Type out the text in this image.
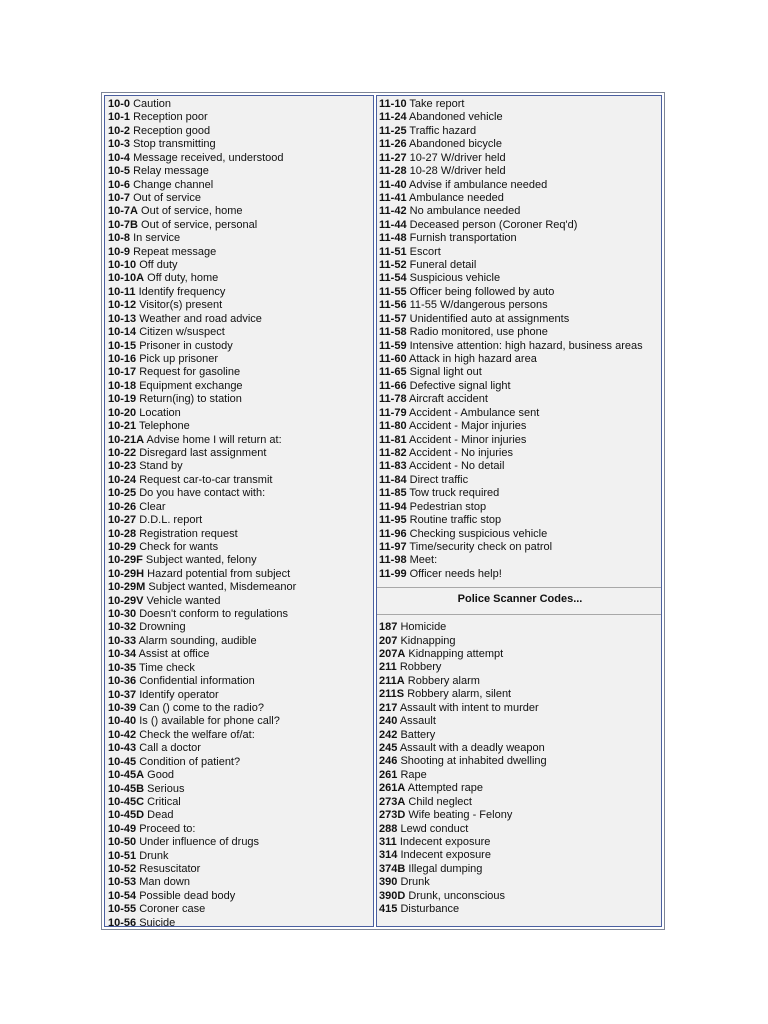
10-0 Caution
10-1 Reception poor
10-2 Reception good
10-3 Stop transmitting
10-4 Message received, understood
10-5 Relay message
10-6 Change channel
10-7 Out of service
10-7A Out of service, home
10-7B Out of service, personal
10-8 In service
10-9 Repeat message
10-10 Off duty
10-10A Off duty, home
10-11 Identify frequency
10-12 Visitor(s) present
10-13 Weather and road advice
10-14 Citizen w/suspect
10-15 Prisoner in custody
10-16 Pick up prisoner
10-17 Request for gasoline
10-18 Equipment exchange
10-19 Return(ing) to station
10-20 Location
10-21 Telephone
10-21A Advise home I will return at:
10-22 Disregard last assignment
10-23 Stand by
10-24 Request car-to-car transmit
10-25 Do you have contact with:
10-26 Clear
10-27 D.D.L. report
10-28 Registration request
10-29 Check for wants
10-29F Subject wanted, felony
10-29H Hazard potential from subject
10-29M Subject wanted, Misdemeanor
10-29V Vehicle wanted
10-30 Doesn't conform to regulations
10-32 Drowning
10-33 Alarm sounding, audible
10-34 Assist at office
10-35 Time check
10-36 Confidential information
10-37 Identify operator
10-39 Can () come to the radio?
10-40 Is () available for phone call?
10-42 Check the welfare of/at:
10-43 Call a doctor
10-45 Condition of patient?
10-45A Good
10-45B Serious
10-45C Critical
10-45D Dead
10-49 Proceed to:
10-50 Under influence of drugs
10-51 Drunk
10-52 Resuscitator
10-53 Man down
10-54 Possible dead body
10-55 Coroner case
10-56 Suicide
11-10 Take report
11-24 Abandoned vehicle
11-25 Traffic hazard
11-26 Abandoned bicycle
11-27 10-27 W/driver held
11-28 10-28 W/driver held
11-40 Advise if ambulance needed
11-41 Ambulance needed
11-42 No ambulance needed
11-44 Deceased person (Coroner Req'd)
11-48 Furnish transportation
11-51 Escort
11-52 Funeral detail
11-54 Suspicious vehicle
11-55 Officer being followed by auto
11-56 11-55 W/dangerous persons
11-57 Unidentified auto at assignments
11-58 Radio monitored, use phone
11-59 Intensive attention: high hazard, business areas
11-60 Attack in high hazard area
11-65 Signal light out
11-66 Defective signal light
11-78 Aircraft accident
11-79 Accident - Ambulance sent
11-80 Accident - Major injuries
11-81 Accident - Minor injuries
11-82 Accident - No injuries
11-83 Accident - No detail
11-84 Direct traffic
11-85 Tow truck required
11-94 Pedestrian stop
11-95 Routine traffic stop
11-96 Checking suspicious vehicle
11-97 Time/security check on patrol
11-98 Meet:
11-99 Officer needs help!
Police Scanner Codes...
187 Homicide
207 Kidnapping
207A Kidnapping attempt
211 Robbery
211A Robbery alarm
211S Robbery alarm, silent
217 Assault with intent to murder
240 Assault
242 Battery
245 Assault with a deadly weapon
246 Shooting at inhabited dwelling
261 Rape
261A Attempted rape
273A Child neglect
273D Wife beating - Felony
288 Lewd conduct
311 Indecent exposure
314 Indecent exposure
374B Illegal dumping
390 Drunk
390D Drunk, unconscious
415 Disturbance
